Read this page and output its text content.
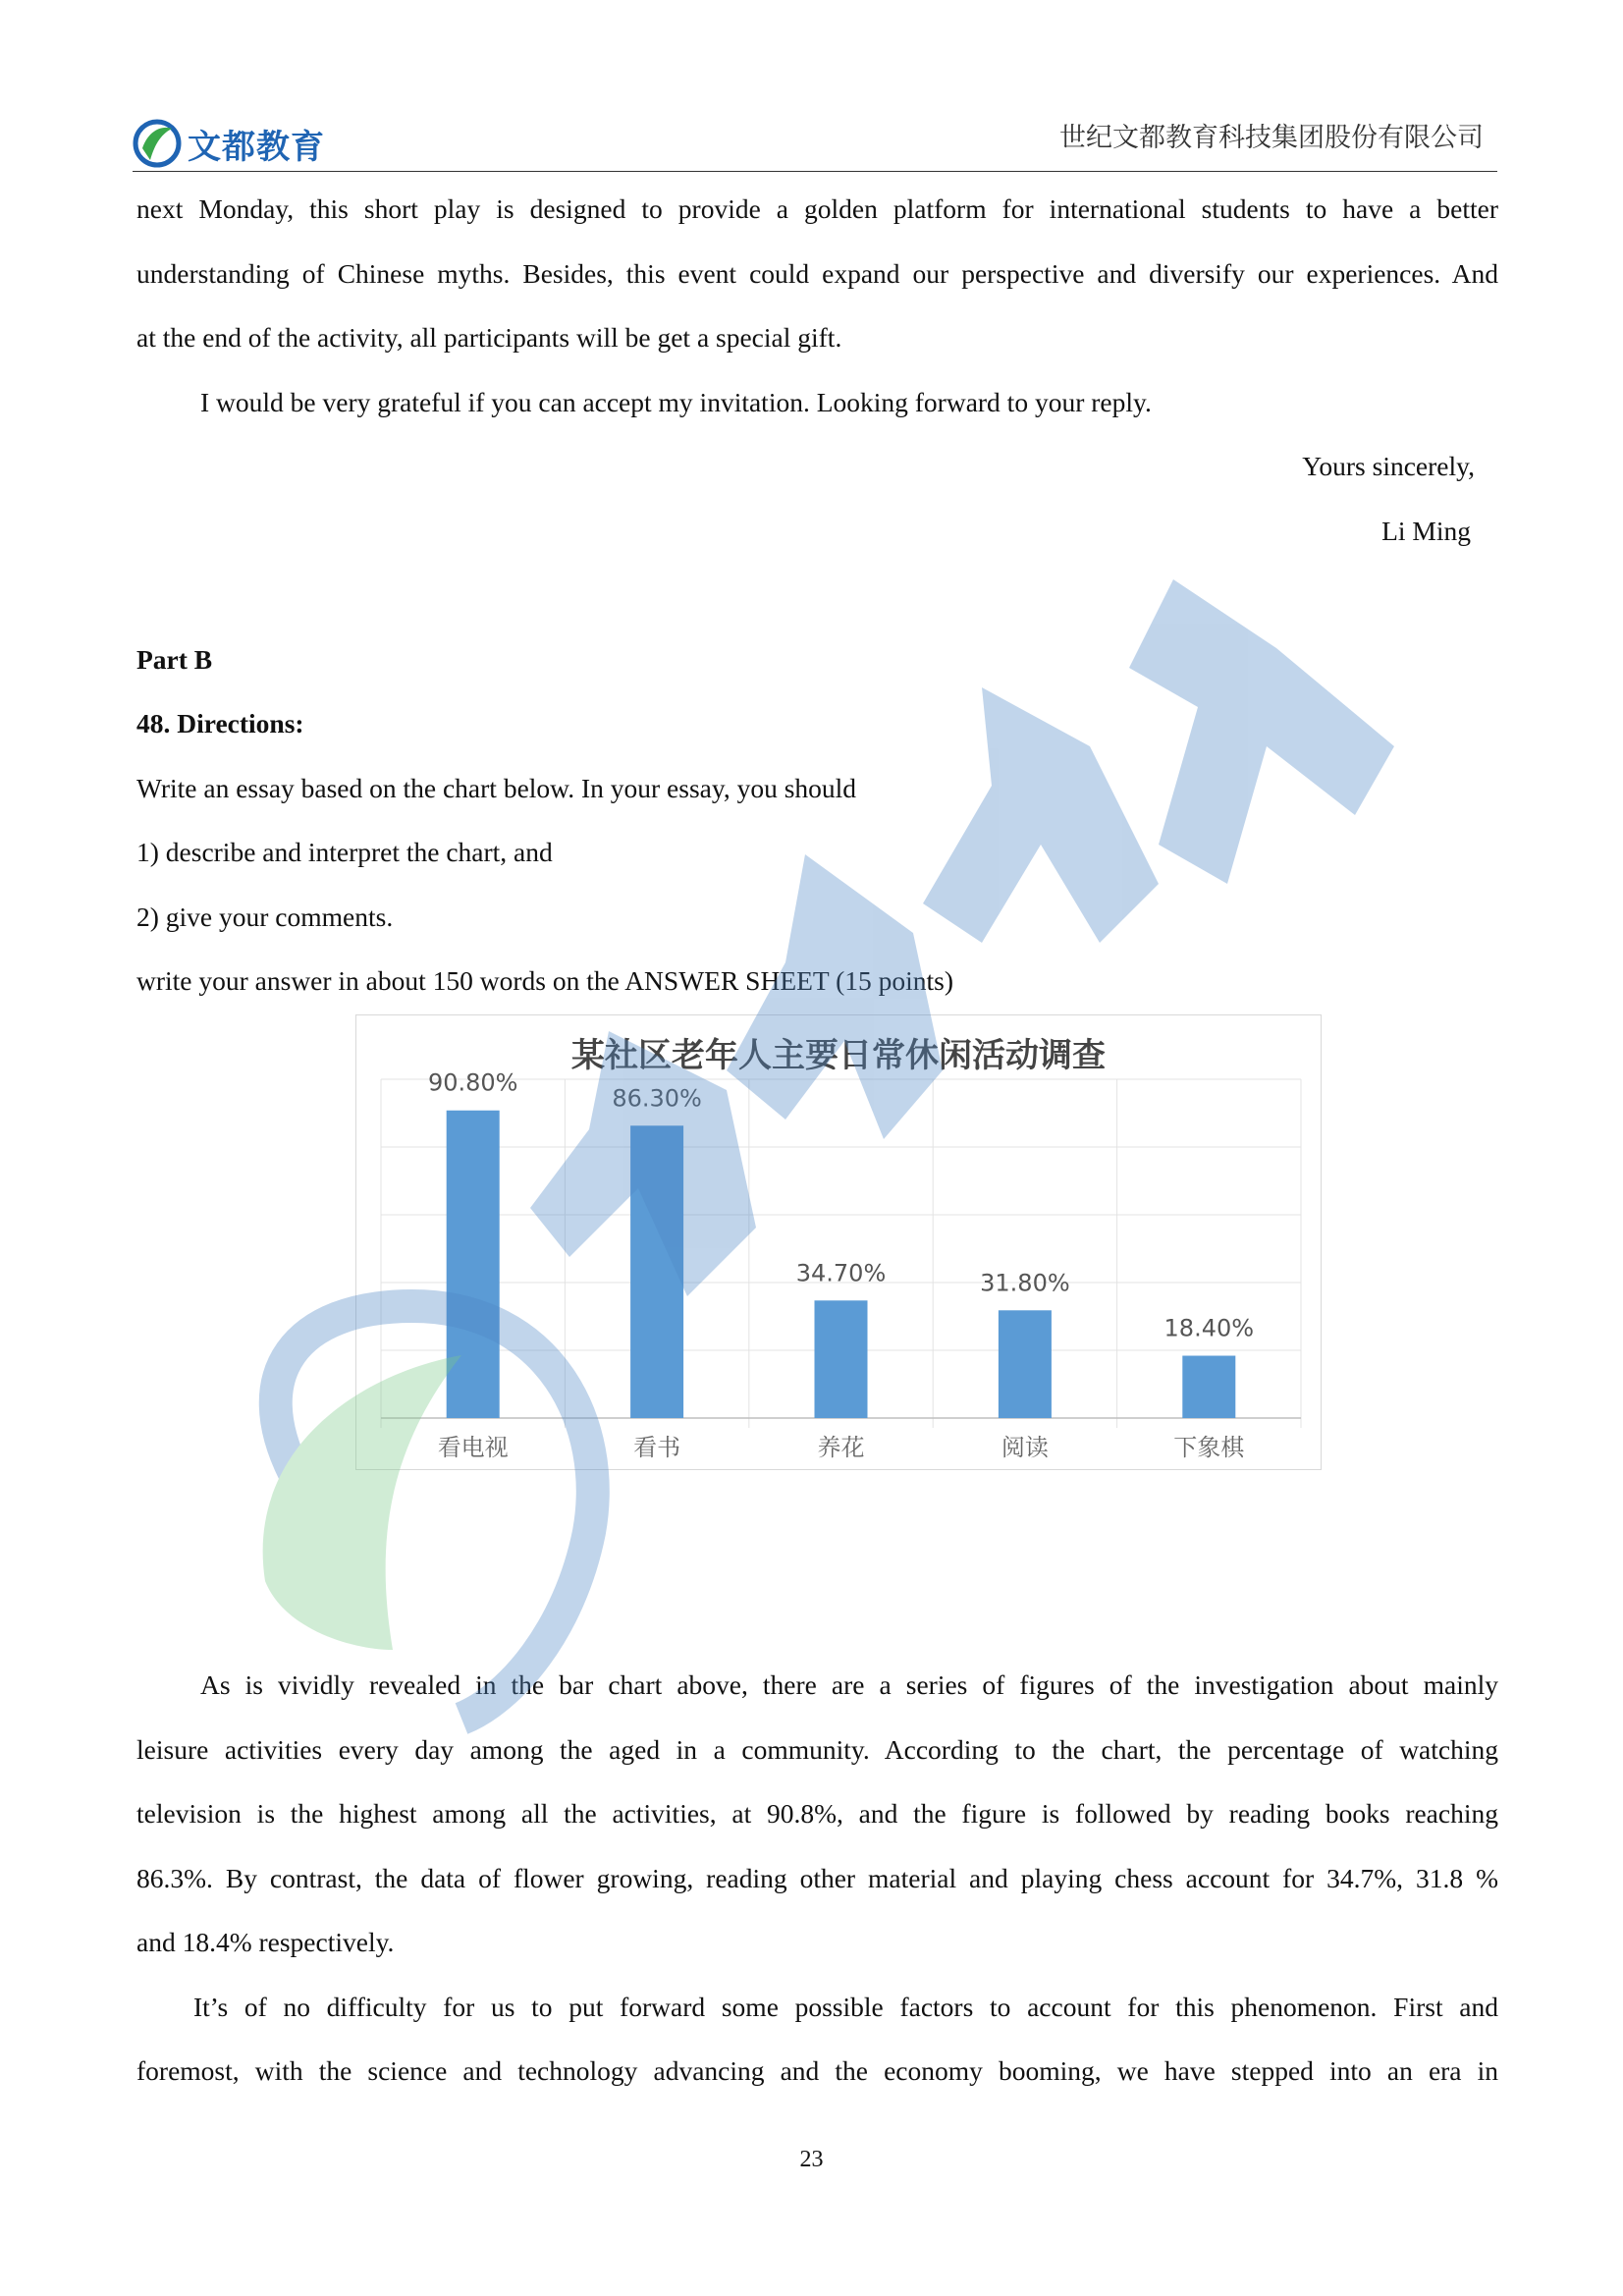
文都教育	世纪文都教育科技集团股份有限公司
next Monday, this short play is designed to provide a golden platform for international students to have a better
understanding of Chinese myths. Besides, this event could expand our perspective and diversify our experiences. And
at the end of the activity, all participants will be get a special gift.
I would be very grateful if you can accept my invitation. Looking forward to your reply.
Yours sincerely,
Li Ming
Part B
48. Directions:
Write an essay based on the chart below. In your essay, you should
1) describe and interpret the chart, and
2) give your comments.
write your answer in about 150 words on the ANSWER SHEET (15 points)
某社区老年人主要日常休闲活动调查
90.80%
看电视
86.30%
看书
34.70%
养花
31.80%
阅读
18.40%
下象棋
As is vividly revealed in the bar chart above, there are a series of figures of the investigation about mainly
leisure activities every day among the aged in a community. According to the chart, the percentage of watching
television is the highest among all the activities, at 90.8%, and the figure is followed by reading books reaching
86.3%. By contrast, the data of flower growing, reading other material and playing chess account for 34.7%, 31.8 %
and 18.4% respectively.
It’s of no difficulty for us to put forward some possible factors to account for this phenomenon. First and
foremost, with the science and technology advancing and the economy booming, we have stepped into an era in
23
